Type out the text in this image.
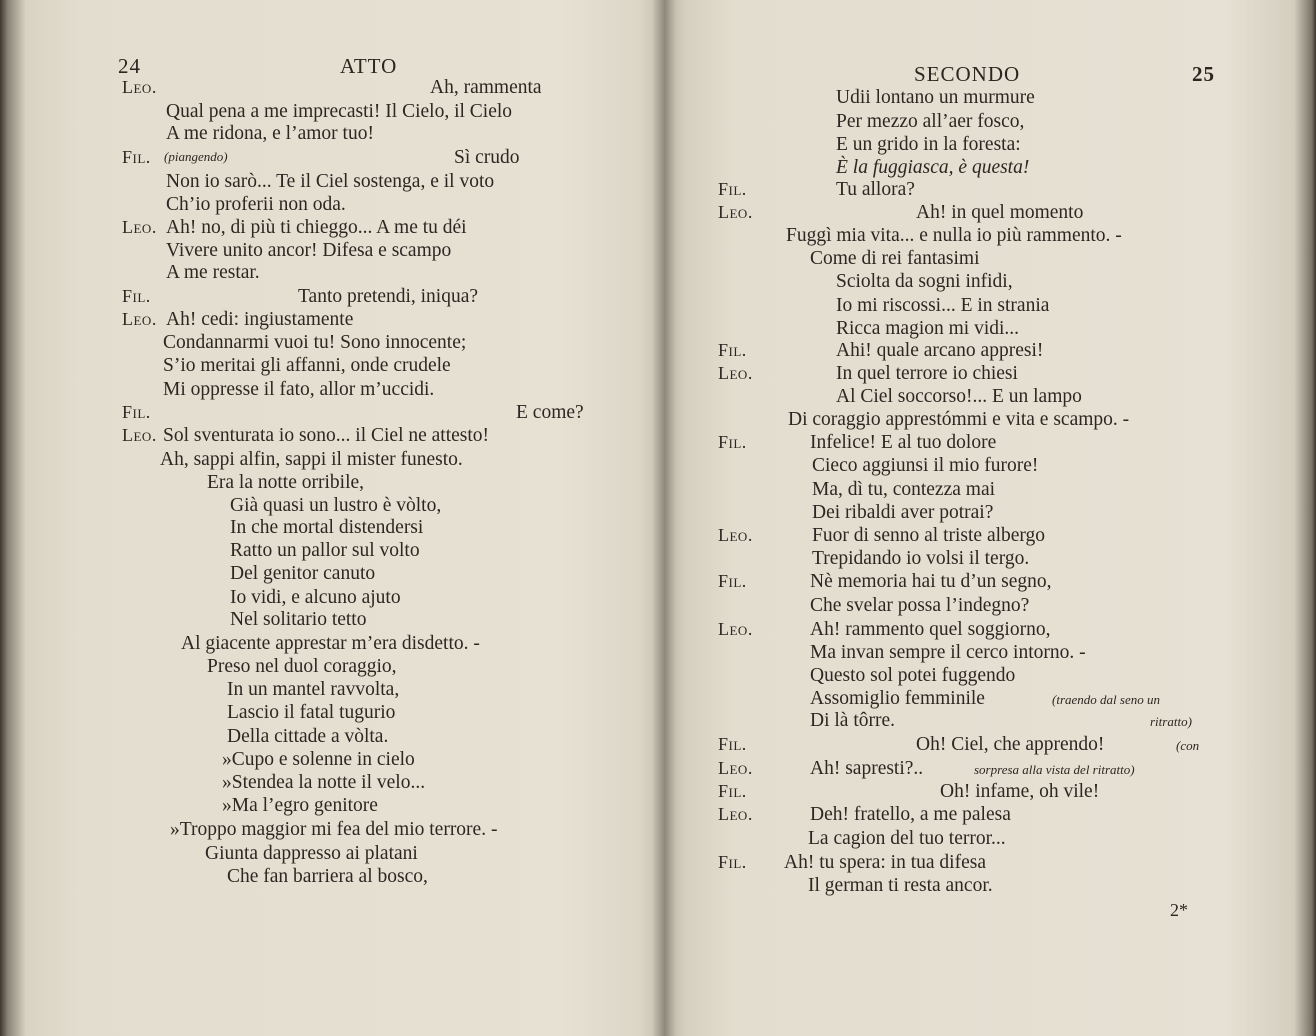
24	ATTO	SECONDO	25
Leo.	Ah, rammenta
Qual pena a me imprecasti! Il Cielo, il Cielo
A me ridona, e l’amor tuo!
Fil. (piangendo)	Sì crudo
Non io sarò... Te il Ciel sostenga, e il voto
Ch’io proferii non oda.
Leo. Ah! no, di più ti chieggo... A me tu déi
Vivere unito ancor! Difesa e scampo
A me restar.
Fil.	Tanto pretendi, iniqua?
Leo. Ah! cedi: ingiustamente
Condannarmi vuoi tu! Sono innocente;
S’io meritai gli affanni, onde crudele
Mi oppresse il fato, allor m’uccidi.
Fil.	E come?
Leo. Sol sventurata io sono... il Ciel ne attesto!
Ah, sappi alfin, sappi il mister funesto.
Era la notte orribile,
Già quasi un lustro è vòlto,
In che mortal distendersi
Ratto un pallor sul volto
Del genitor canuto
Io vidi, e alcuno ajuto
Nel solitario tetto
Al giacente apprestar m’era disdetto. -
Preso nel duol coraggio,
In un mantel ravvolta,
Lascio il fatal tugurio
Della cittade a vòlta.
»Cupo e solenne in cielo
»Stendea la notte il velo...
»Ma l’egro genitore
»Troppo maggior mi fea del mio terrore. -
Giunta dappresso ai platani
Che fan barriera al bosco,
Udii lontano un murmure
Per mezzo all’aer fosco,
E un grido in la foresta:
È la fuggiasca, è questa!
Fil.	Tu allora?
Leo.	Ah! in quel momento
Fuggì mia vita... e nulla io più rammento. -
Come di rei fantasimi
Sciolta da sogni infidi,
Io mi riscossi... E in strania
Ricca magion mi vidi...
Fil.	Ahi! quale arcano appresi!
Leo.	In quel terrore io chiesi
Al Ciel soccorso!... E un lampo
Di coraggio apprestómmi e vita e scampo. -
Fil.	Infelice! E al tuo dolore
Cieco aggiunsi il mio furore!
Ma, dì tu, contezza mai
Dei ribaldi aver potrai?
Leo.	Fuor di senno al triste albergo
Trepidando io volsi il tergo.
Fil.	Nè memoria hai tu d’un segno,
Che svelar possa l’indegno?
Leo.	Ah! rammento quel soggiorno,
Ma invan sempre il cerco intorno. -
Questo sol potei fuggendo
Assomiglio femminile	(traendo dal seno un
Di là tôrre.	ritratto)
Fil.	Oh! Ciel, che apprendo!	(con
Leo.	Ah! sapresti?..	sorpresa alla vista del ritratto)
Fil.	Oh! infame, oh vile!
Leo.	Deh! fratello, a me palesa
La cagion del tuo terror...
Fil. Ah! tu spera: in tua difesa
Il german ti resta ancor.
2*
